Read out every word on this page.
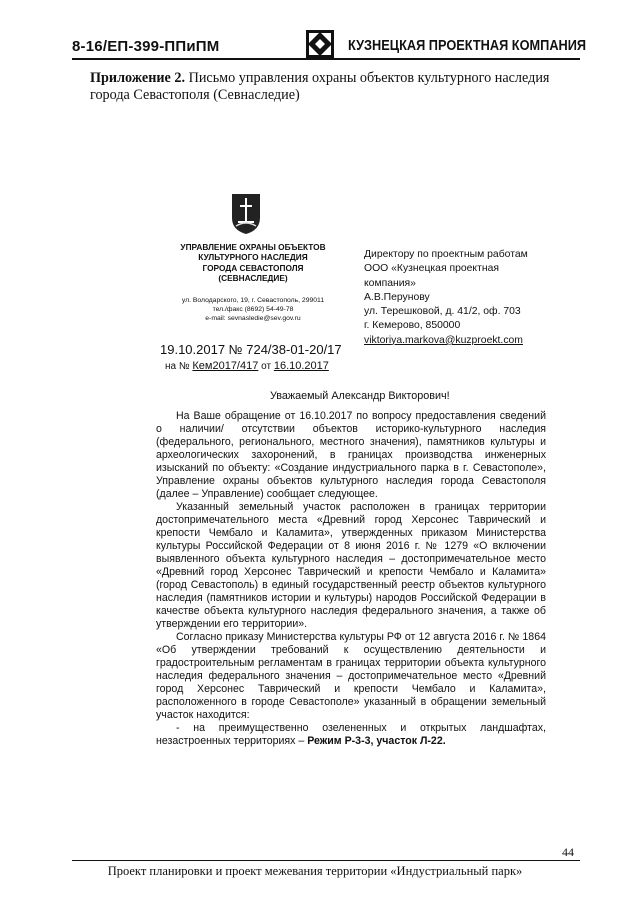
8-16/ЕП-399-ППиПМ	КУЗНЕЦКАЯ ПРОЕКТНАЯ КОМПАНИЯ
Приложение 2. Письмо управления охраны объектов культурного наследия города Севастополя (Севнаследие)
УПРАВЛЕНИЕ ОХРАНЫ ОБЪЕКТОВ
КУЛЬТУРНОГО НАСЛЕДИЯ
ГОРОДА СЕВАСТОПОЛЯ
(СЕВНАСЛЕДИЕ)
ул. Володарского, 19, г. Севастополь, 299011
тел./факс (8692) 54-49-78
e-mail: sevnasledie@sev.gov.ru
Директору по проектным работам
ООО «Кузнецкая проектная
компания»
А.В.Перунову
ул. Терешковой, д. 41/2, оф. 703
г. Кемерово, 850000
viktoriya.markova@kuzproekt.com
19.10.2017 № 724/38-01-20/17
на № Кем2017/417 от 16.10.2017
Уважаемый Александр Викторович!

На Ваше обращение от 16.10.2017 по вопросу предоставления сведений о наличии/ отсутствии объектов историко-культурного наследия (федерального, регионального, местного значения), памятников культуры и археологических захоронений, в границах производства инженерных изысканий по объекту: «Создание индустриального парка в г. Севастополе», Управление охраны объектов культурного наследия города Севастополя (далее – Управление) сообщает следующее.

Указанный земельный участок расположен в границах территории достопримечательного места «Древний город Херсонес Таврический и крепости Чембало и Каламита», утвержденных приказом Министерства культуры Российской Федерации от 8 июня 2016 г. № 1279 «О включении выявленного объекта культурного наследия – достопримечательное место «Древний город Херсонес Таврический и крепости Чембало и Каламита» (город Севастополь) в единый государственный реестр объектов культурного наследия (памятников истории и культуры) народов Российской Федерации в качестве объекта культурного наследия федерального значения, а также об утверждении его территории».

Согласно приказу Министерства культуры РФ от 12 августа 2016 г. № 1864 «Об утверждении требований к осуществлению деятельности и градостроительным регламентам в границах территории объекта культурного наследия федерального значения – достопримечательное место «Древний город Херсонес Таврический и крепости Чембало и Каламита», расположенного в городе Севастополе» указанный в обращении земельный участок находится:

- на преимущественно озелененных и открытых ландшафтах, незастроенных территориях – Режим Р-3-3, участок Л-22.

44
Проект планировки и проект межевания территории «Индустриальный парк»
